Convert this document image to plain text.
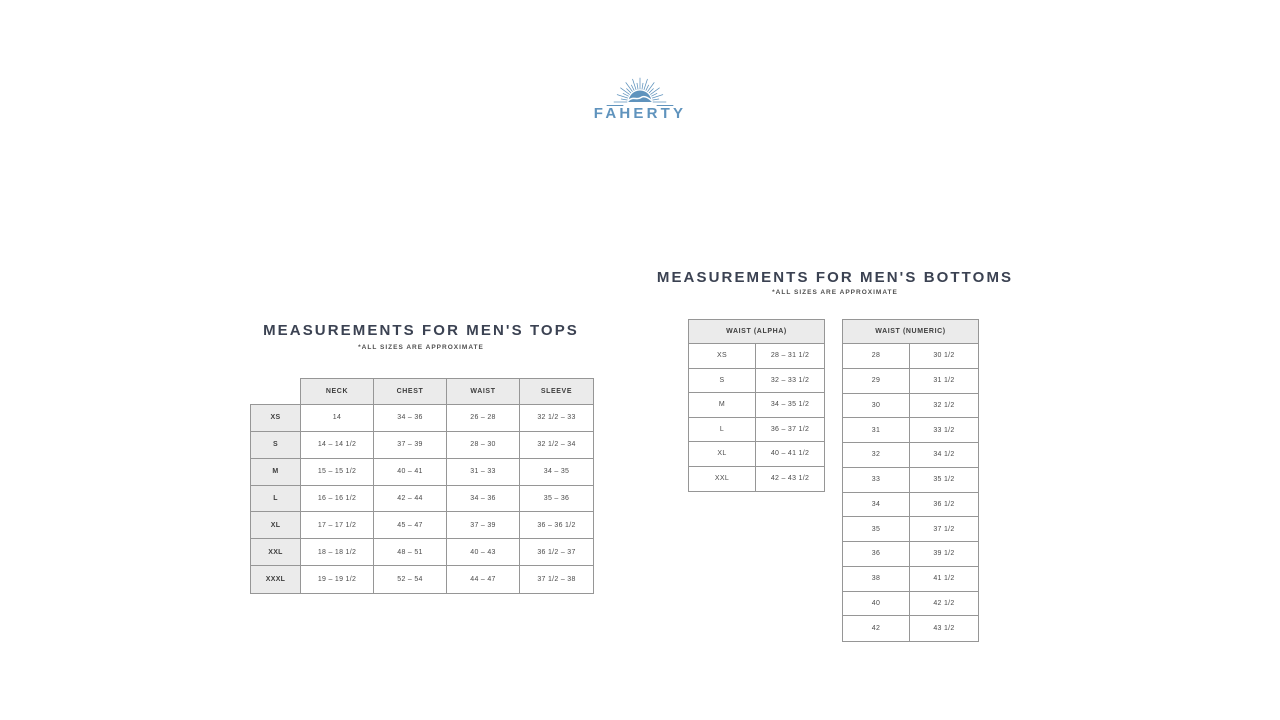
FAHERTY
MEASUREMENTS FOR MEN'S TOPS
*ALL SIZES ARE APPROXIMATE
NECK	CHEST	WAIST	SLEEVE
XS	14	34 – 36	26 – 28	32 1/2 – 33
S	14 – 14 1/2	37 – 39	28 – 30	32 1/2 – 34
M	15 – 15 1/2	40 – 41	31 – 33	34 – 35
L	16 – 16 1/2	42 – 44	34 – 36	35 – 36
XL	17 – 17 1/2	45 – 47	37 – 39	36 – 36 1/2
XXL	18 – 18 1/2	48 – 51	40 – 43	36 1/2 – 37
XXXL	19 – 19 1/2	52 – 54	44 – 47	37 1/2 – 38
MEASUREMENTS FOR MEN'S BOTTOMS
*ALL SIZES ARE APPROXIMATE
WAIST (ALPHA)
XS	28 – 31 1/2
S	32 – 33 1/2
M	34 – 35 1/2
L	36 – 37 1/2
XL	40 – 41 1/2
XXL	42 – 43 1/2
WAIST (NUMERIC)
28	30 1/2
29	31 1/2
30	32 1/2
31	33 1/2
32	34 1/2
33	35 1/2
34	36 1/2
35	37 1/2
36	39 1/2
38	41 1/2
40	42 1/2
42	43 1/2
